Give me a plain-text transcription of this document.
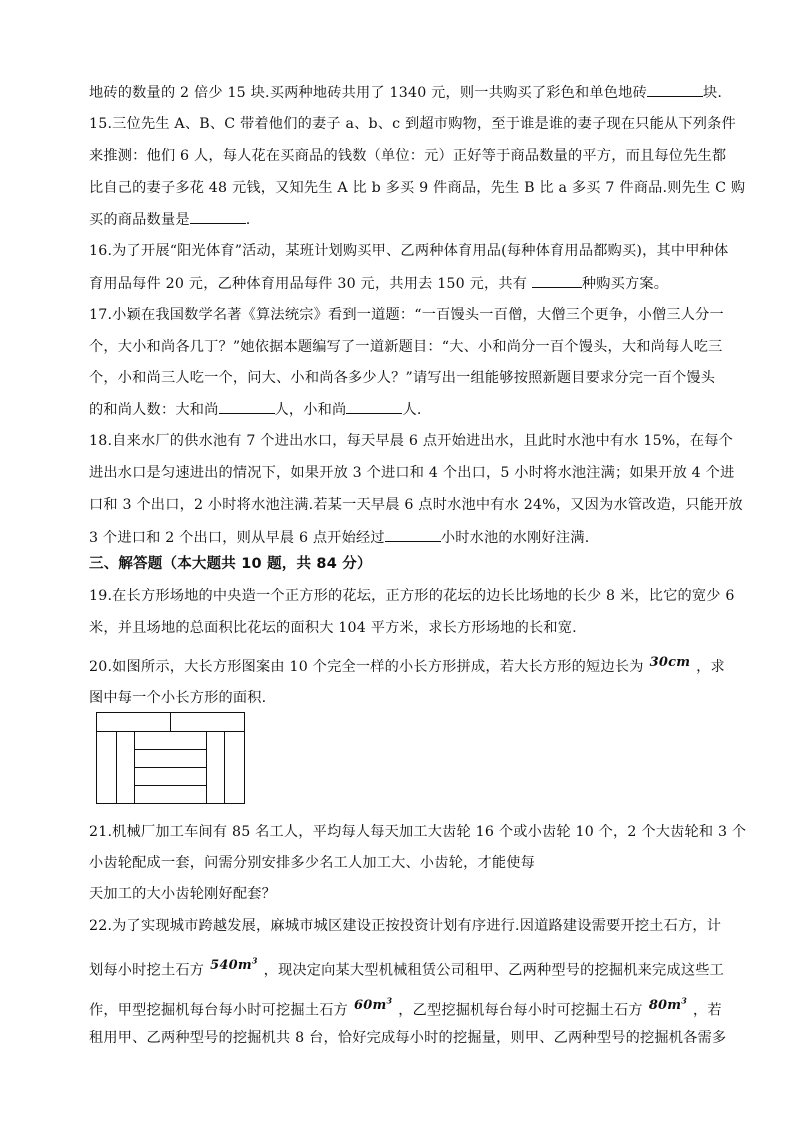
地砖的数量的 2 倍少 15 块.买两种地砖共用了 1340 元，则一共购买了彩色和单色地砖	块.
15.三位先生 A、B、C 带着他们的妻子 a、b、c 到超市购物，至于谁是谁的妻子现在只能从下列条件
来推测：他们 6 人，每人花在买商品的钱数（单位：元）正好等于商品数量的平方，而且每位先生都
比自己的妻子多花 48 元钱，又知先生 A 比 b 多买 9 件商品，先生 B 比 a 多买 7 件商品.则先生 C 购
买的商品数量是	.
16.为了开展“阳光体育”活动，某班计划购买甲、乙两种体育用品(每种体育用品都购买)，其中甲种体
育用品每件 20 元，乙种体育用品每件 30 元，共用去 150 元，共有	种购买方案。
17.小颖在我国数学名著《算法统宗》看到一道题：“一百馒头一百僧，大僧三个更争，小僧三人分一
个，大小和尚各几丁？”她依据本题编写了一道新题目：“大、小和尚分一百个馒头，大和尚每人吃三
个，小和尚三人吃一个，问大、小和尚各多少人？”请写出一组能够按照新题目要求分完一百个馒头
的和尚人数：大和尚	人，小和尚	人.
18.自来水厂的供水池有 7 个进出水口，每天早晨 6 点开始进出水，且此时水池中有水 15%，在每个
进出水口是匀速进出的情况下，如果开放 3 个进口和 4 个出口，5 小时将水池注满；如果开放 4 个进
口和 3 个出口，2 小时将水池注满.若某一天早晨 6 点时水池中有水 24%，又因为水管改造，只能开放
3 个进口和 2 个出口，则从早晨 6 点开始经过	小时水池的水刚好注满.
三、解答题（本大题共 10 题，共 84 分）
19.在长方形场地的中央造一个正方形的花坛，正方形的花坛的边长比场地的长少 8 米，比它的宽少 6
米，并且场地的总面积比花坛的面积大 104 平方米，求长方形场地的长和宽.
20.如图所示，大长方形图案由 10 个完全一样的小长方形拼成，若大长方形的短边长为 30cm ，求
图中每一个小长方形的面积.
21.机械厂加工车间有 85 名工人，平均每人每天加工大齿轮 16 个或小齿轮 10 个，2 个大齿轮和 3 个
小齿轮配成一套，问需分别安排多少名工人加工大、小齿轮，才能使每
天加工的大小齿轮刚好配套？
22.为了实现城市跨越发展，麻城市城区建设正按投资计划有序进行.因道路建设需要开挖土石方，计
划每小时挖土石方 $540m^3$，现决定向某大型机械租赁公司租甲、乙两种型号的挖掘机来完成这些工
作，甲型挖掘机每台每小时可挖掘土石方 $60m^3$，乙型挖掘机每台每小时可挖掘土石方 $80m^3$，若
租用甲、乙两种型号的挖掘机共 8 台，恰好完成每小时的挖掘量，则甲、乙两种型号的挖掘机各需多
